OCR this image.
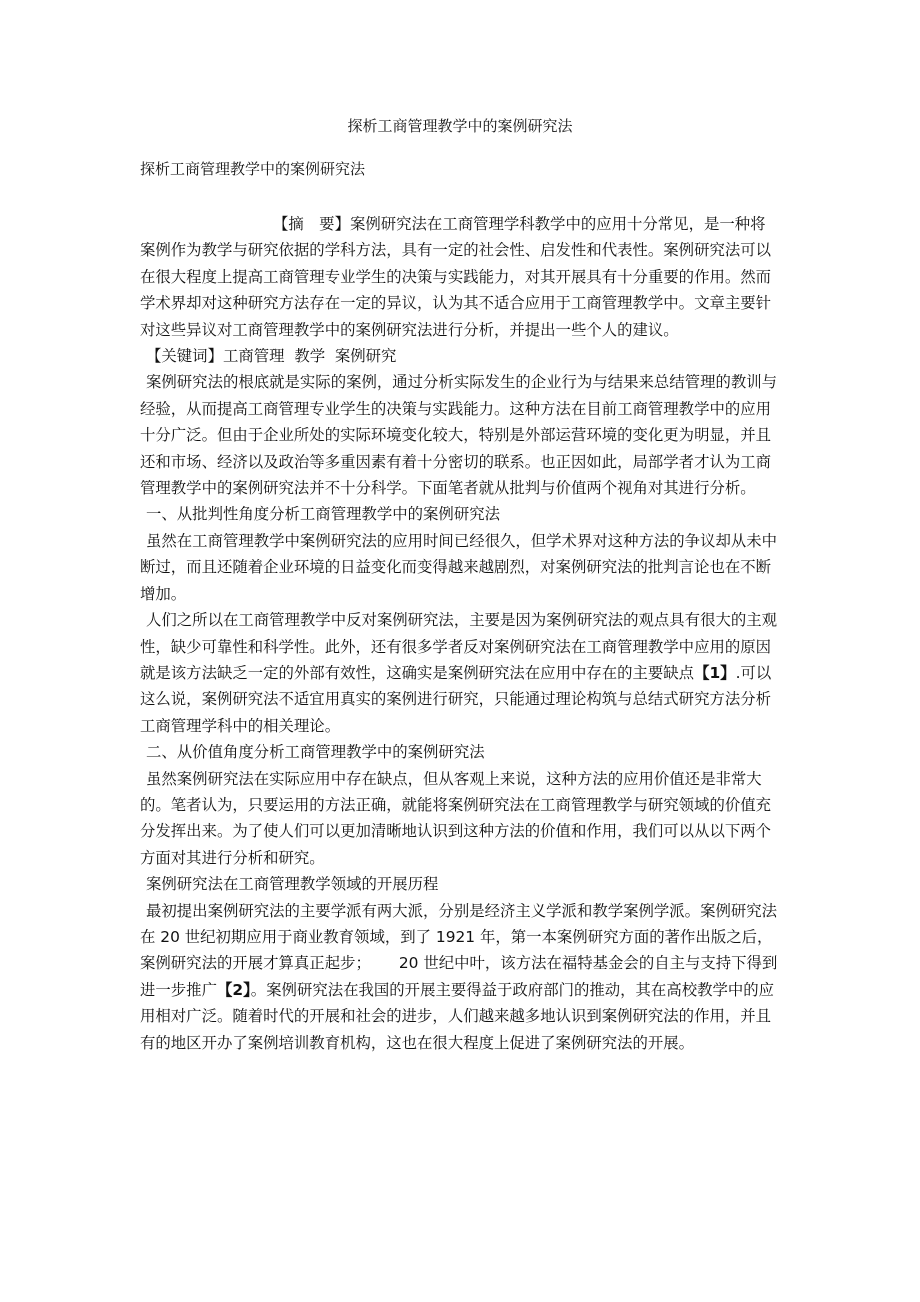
探析工商管理教学中的案例研究法
探析工商管理教学中的案例研究法

【摘　要】案例研究法在工商管理学科教学中的应用十分常见，是一种将案例作为教学与研究依据的学科方法，具有一定的社会性、启发性和代表性。案例研究法可以在很大程度上提高工商管理专业学生的决策与实践能力，对其开展具有十分重要的作用。然而学术界却对这种研究方法存在一定的异议，认为其不适合应用于工商管理教学中。文章主要针对这些异议对工商管理教学中的案例研究法进行分析，并提出一些个人的建议。

【关键词】工商管理  教学  案例研究

案例研究法的根底就是实际的案例，通过分析实际发生的企业行为与结果来总结管理的教训与经验，从而提高工商管理专业学生的决策与实践能力。这种方法在目前工商管理教学中的应用十分广泛。但由于企业所处的实际环境变化较大，特别是外部运营环境的变化更为明显，并且还和市场、经济以及政治等多重因素有着十分密切的联系。也正因如此，局部学者才认为工商管理教学中的案例研究法并不十分科学。下面笔者就从批判与价值两个视角对其进行分析。

一、从批判性角度分析工商管理教学中的案例研究法

虽然在工商管理教学中案例研究法的应用时间已经很久，但学术界对这种方法的争议却从未中断过，而且还随着企业环境的日益变化而变得越来越剧烈，对案例研究法的批判言论也在不断增加。

人们之所以在工商管理教学中反对案例研究法，主要是因为案例研究法的观点具有很大的主观性，缺少可靠性和科学性。此外，还有很多学者反对案例研究法在工商管理教学中应用的原因就是该方法缺乏一定的外部有效性，这确实是案例研究法在应用中存在的主要缺点【1】.可以这么说，案例研究法不适宜用真实的案例进行研究，只能通过理论构筑与总结式研究方法分析工商管理学科中的相关理论。

二、从价值角度分析工商管理教学中的案例研究法

虽然案例研究法在实际应用中存在缺点，但从客观上来说，这种方法的应用价值还是非常大的。笔者认为，只要运用的方法正确，就能将案例研究法在工商管理教学与研究领域的价值充分发挥出来。为了使人们可以更加清晰地认识到这种方法的价值和作用，我们可以从以下两个方面对其进行分析和研究。

案例研究法在工商管理教学领域的开展历程

最初提出案例研究法的主要学派有两大派，分别是经济主义学派和教学案例学派。案例研究法在 20 世纪初期应用于商业教育领域，到了 1921 年，第一本案例研究方面的著作出版之后，案例研究法的开展才算真正起步； 20 世纪中叶，该方法在福特基金会的自主与支持下得到进一步推广【2】。案例研究法在我国的开展主要得益于政府部门的推动，其在高校教学中的应用相对广泛。随着时代的开展和社会的进步，人们越来越多地认识到案例研究法的作用，并且有的地区开办了案例培训教育机构，这也在很大程度上促进了案例研究法的开展。
